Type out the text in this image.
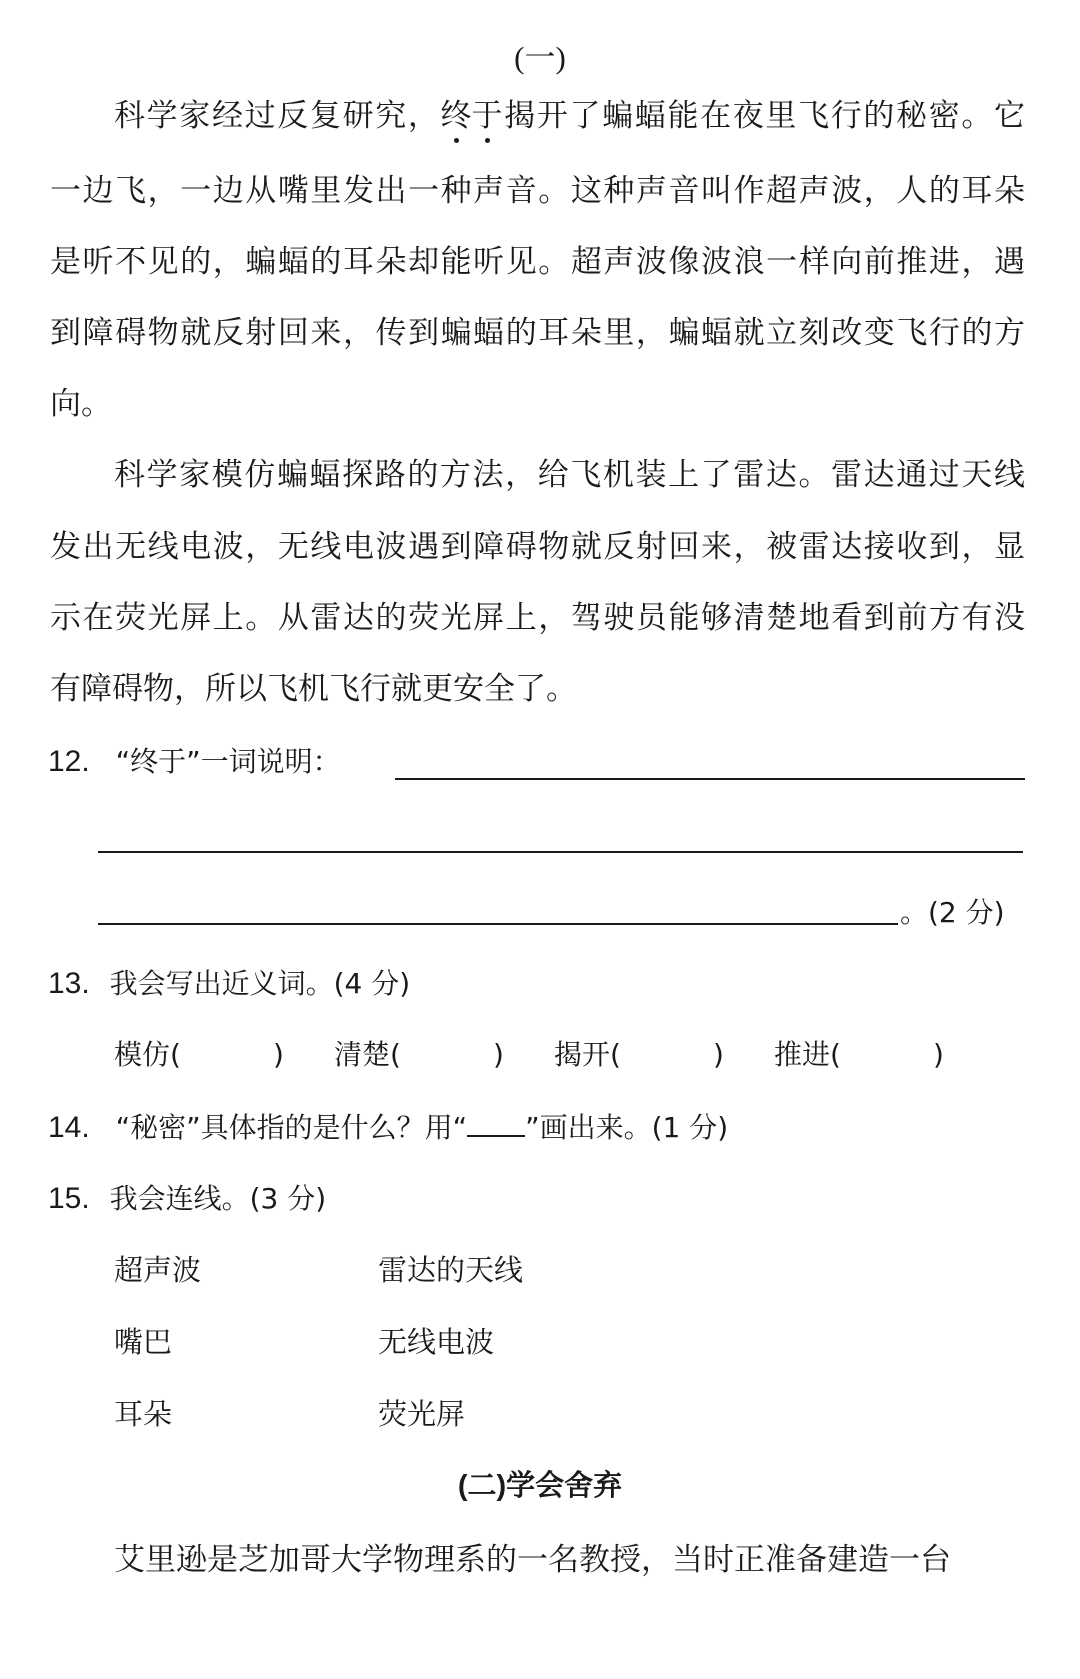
(一)
科学家经过反复研究，终于揭开了蝙蝠能在夜里飞行的秘密。它
一边飞，一边从嘴里发出一种声音。这种声音叫作超声波，人的耳朵
是听不见的，蝙蝠的耳朵却能听见。超声波像波浪一样向前推进，遇
到障碍物就反射回来，传到蝙蝠的耳朵里，蝙蝠就立刻改变飞行的方
向。
科学家模仿蝙蝠探路的方法，给飞机装上了雷达。雷达通过天线
发出无线电波，无线电波遇到障碍物就反射回来，被雷达接收到，显
示在荧光屏上。从雷达的荧光屏上，驾驶员能够清楚地看到前方有没
有障碍物，所以飞机飞行就更安全了。
12. “终于”一词说明：
。(2 分)
13. 我会写出近义词。(4 分)
模仿(	) 清楚(	) 揭开(	) 推进(	)
14. “秘密”具体指的是什么？用“ ”画出来。(1 分)
15. 我会连线。(3 分)
超声波	雷达的天线
嘴巴	无线电波
耳朵	荧光屏
(二)学会舍弃
艾里逊是芝加哥大学物理系的一名教授，当时正准备建造一台
